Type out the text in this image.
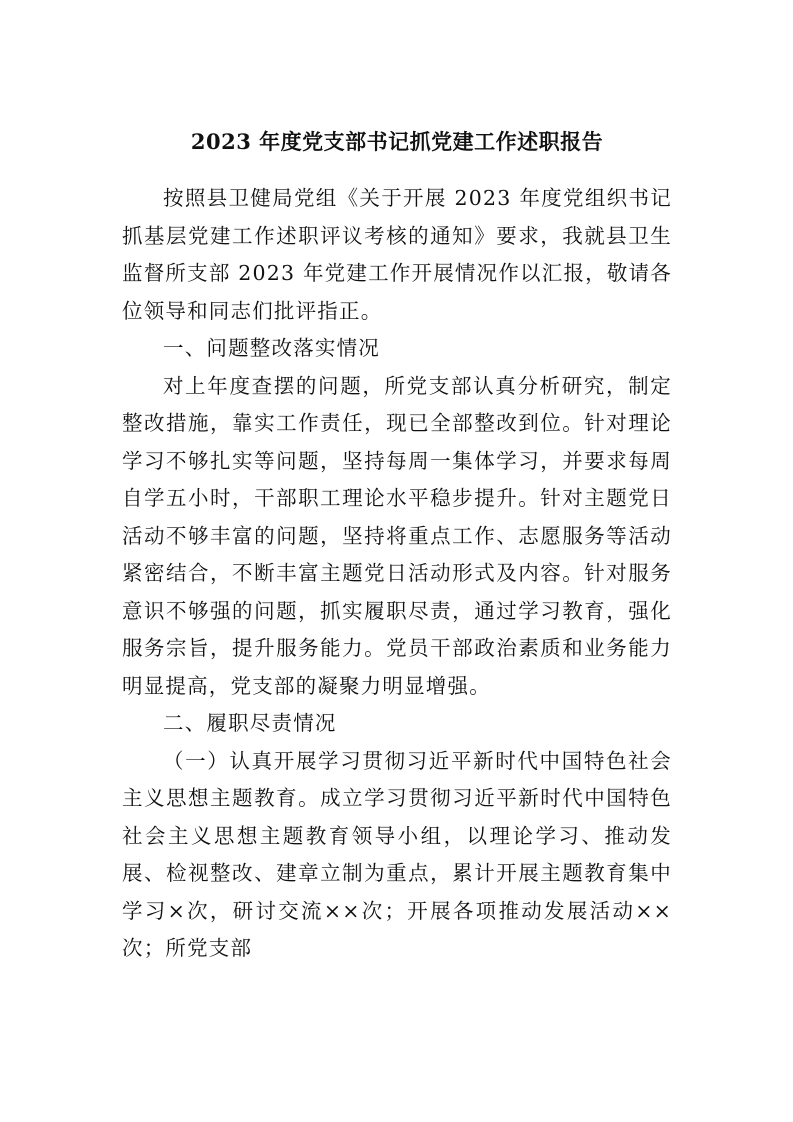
2023 年度党支部书记抓党建工作述职报告

按照县卫健局党组《关于开展 2023 年度党组织书记抓基层党建工作述职评议考核的通知》要求，我就县卫生监督所支部 2023 年党建工作开展情况作以汇报，敬请各位领导和同志们批评指正。

一、问题整改落实情况

对上年度查摆的问题，所党支部认真分析研究，制定整改措施，靠实工作责任，现已全部整改到位。针对理论学习不够扎实等问题，坚持每周一集体学习，并要求每周自学五小时，干部职工理论水平稳步提升。针对主题党日活动不够丰富的问题，坚持将重点工作、志愿服务等活动紧密结合，不断丰富主题党日活动形式及内容。针对服务意识不够强的问题，抓实履职尽责，通过学习教育，强化服务宗旨，提升服务能力。党员干部政治素质和业务能力明显提高，党支部的凝聚力明显增强。

二、履职尽责情况

（一）认真开展学习贯彻习近平新时代中国特色社会主义思想主题教育。成立学习贯彻习近平新时代中国特色社会主义思想主题教育领导小组，以理论学习、推动发展、检视整改、建章立制为重点，累计开展主题教育集中学习×次，研讨交流××次；开展各项推动发展活动××次；所党支部
